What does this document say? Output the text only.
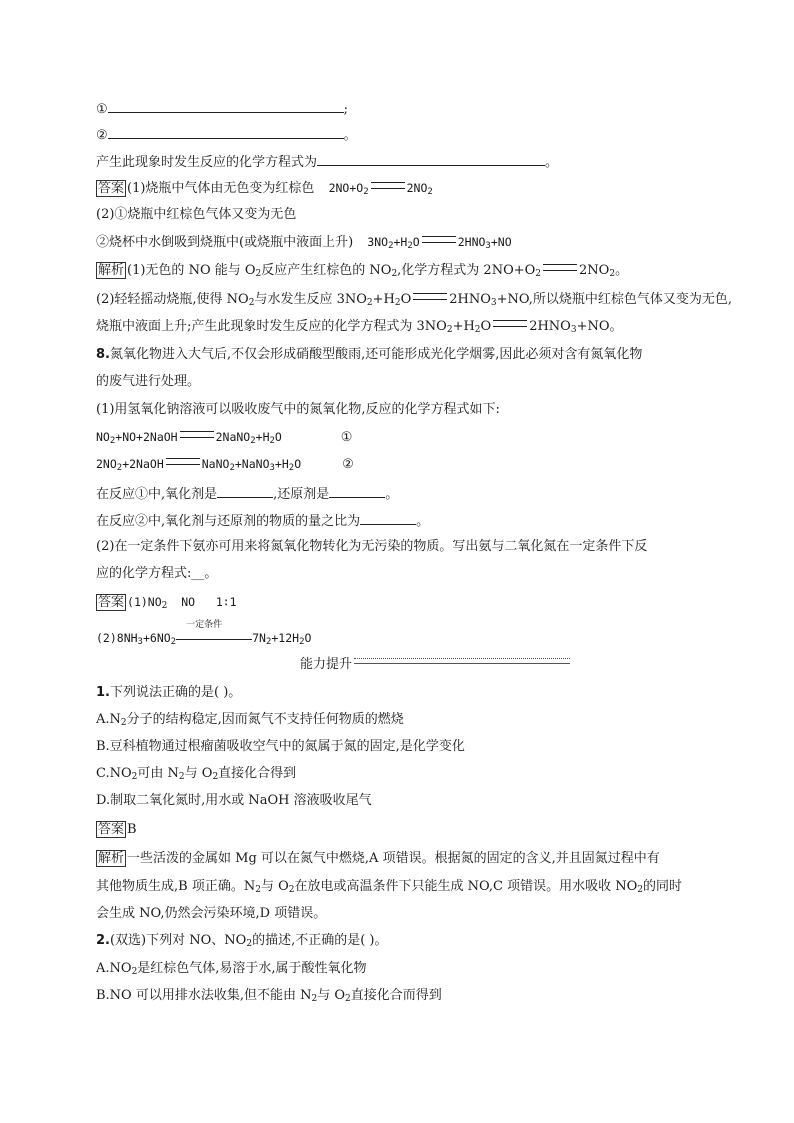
①	;
②	。
产生此现象时发生反应的化学方程式为	。
答案 (1)烧瓶中气体由无色变为红棕色 $2NO+O_2$	$2NO_2$
(2)①烧瓶中红棕色气体又变为无色
②烧杯中水倒吸到烧瓶中(或烧瓶中液面上升) $3NO_2+H_2O$	$2HNO_3+NO$
解析 (1)无色的 NO 能与 $O_2$反应产生红棕色的 $NO_2$,化学方程式为 $2NO+O_2$	$2NO_2$。
(2)轻轻摇动烧瓶,使得 $NO_2$与水发生反应 $3NO_2+H_2O$	$2HNO_3+NO$,所以烧瓶中红棕色气体又变为无色,
烧瓶中液面上升;产生此现象时发生反应的化学方程式为 $3NO_2+H_2O$	$2HNO_3+NO$。
8.氮氧化物进入大气后,不仅会形成硝酸型酸雨,还可能形成光化学烟雾,因此必须对含有氮氧化物
的废气进行处理。
(1)用氢氧化钠溶液可以吸收废气中的氮氧化物,反应的化学方程式如下:
$NO_2+NO+2NaOH$	$2NaNO_2+H_2O$	①
$2NO_2+2NaOH$	$NaNO_2+NaNO_3+H_2O$	②
在反应①中,氧化剂是	,还原剂是	。
在反应②中,氧化剂与还原剂的物质的量之比为	。
(2)在一定条件下氨亦可用来将氮氧化物转化为无污染的物质。写出氨与二氧化氮在一定条件下反
应的化学方程式:__。
答案 $(1)NO_2$  NO   1∶1
$(2)8NH_3+6NO_2$
一定条件
$7N_2+12H_2O$
能力提升
1.下列说法正确的是( )。
$A.N_2$分子的结构稳定,因而氮气不支持任何物质的燃烧
B.豆科植物通过根瘤菌吸收空气中的氮属于氮的固定,是化学变化
$C.NO_2$可由 $N_2$与 $O_2$直接化合得到
D.制取二氧化氮时,用水或 NaOH 溶液吸收尾气
答案 B
解析 一些活泼的金属如 Mg 可以在氮气中燃烧,A 项错误。根据氮的固定的含义,并且固氮过程中有
其他物质生成,B 项正确。$N_2$与 $O_2$在放电或高温条件下只能生成 NO,C 项错误。用水吸收 $NO_2$的同时
会生成 NO,仍然会污染环境,D 项错误。
2.(双选)下列对 NO、$NO_2$的描述,不正确的是( )。
$A.NO_2$是红棕色气体,易溶于水,属于酸性氧化物
B.NO 可以用排水法收集,但不能由 $N_2$与 $O_2$直接化合而得到
